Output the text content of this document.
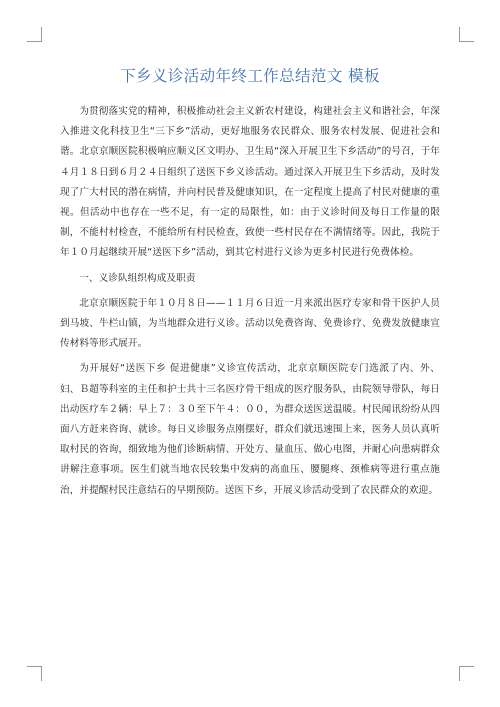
下乡义诊活动年终工作总结范文 模板

为贯彻落实党的精神，积极推动社会主义新农村建设，构建社会主义和谐社会，年深入推进文化科技卫生“三下乡”活动，更好地服务农民群众、服务农村发展、促进社会和谐。北京京顺医院积极响应顺义区文明办、卫生局“深入开展卫生下乡活动”的号召，于年４月１８日到６月２４日组织了送医下乡义诊活动。通过深入开展卫生下乡活动，及时发现了广大村民的潜在病情，并向村民普及健康知识，在一定程度上提高了村民对健康的重视。但活动中也存在一些不足，有一定的局限性，如：由于义诊时间及每日工作量的限制，不能村村检查，不能给所有村民检查，致使一些村民存在不满情绪等。因此，我院于年１０月起继续开展“送医下乡”活动，到其它村进行义诊为更多村民进行免费体检。

一、义诊队组织构成及职责

北京京顺医院于年１０月８日——１１月６日近一月来派出医疗专家和骨干医护人员到马坡、牛栏山镇，为当地群众进行义诊。活动以免费咨询、免费诊疗、免费发放健康宣传材料等形式展开。

为开展好“送医下乡 促进健康”义诊宣传活动，北京京顺医院专门选派了内、外、妇、Ｂ超等科室的主任和护士共十三名医疗骨干组成的医疗服务队，由院领导带队，每日出动医疗车２辆：早上７：３０至下午４：００，为群众送医送温暖。村民闻讯纷纷从四面八方赶来咨询、就诊。每日义诊服务点刚摆好，群众们就迅速围上来，医务人员认真听取村民的咨询，细致地为他们诊断病情、开处方、量血压、做心电图，并耐心向患病群众讲解注意事项。医生们就当地农民较集中发病的高血压、腰腿疼、颈椎病等进行重点施治，并提醒村民注意结石的早期预防。送医下乡，开展义诊活动受到了农民群众的欢迎。
